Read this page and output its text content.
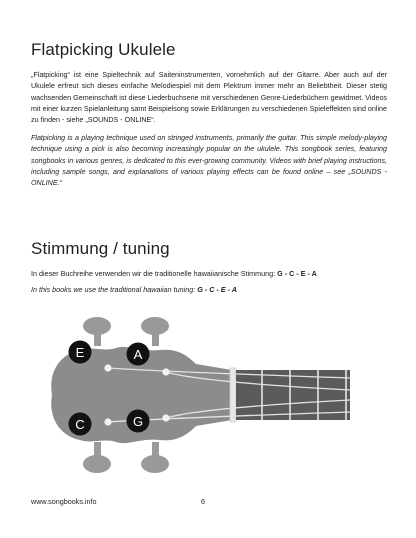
Flatpicking Ukulele

„Flatpicking“ ist eine Spieltechnik auf Saiteninstrumenten, vornehmlich auf der Gitarre. Aber auch auf der Ukulele erfreut sich dieses einfache Melodiespiel mit dem Plektrum immer mehr an Beliebtheit. Dieser stetig wachsenden Gemeinschaft ist diese Liederbuchserie mit verschiedenen Genre-Liederbüchern gewidmet. Videos mit einer kurzen Spielanleitung samt Beispielsong sowie Erklärungen zu verschiedenen Spieleffekten sind online zu finden - siehe „SOUNDS - ONLINE“.

Flatpicking is a playing technique used on stringed instruments, primarily the guitar. This simple melody-playing technique using a pick is also becoming increasingly popular on the ukulele. This songbook series, featuring songbooks in various genres, is dedicated to this ever-growing community. Videos with brief playing instructions, including sample songs, and explanations of various playing effects can be found online – see „SOUNDS - ONLINE.“

Stimmung / tuning

In dieser Buchreihe verwenden wir die traditionelle hawaiianische Stimmung: G - C - E - A

In this books we use the traditional hawaiian tuning: G - C - E - A

E	A
C	G
www.songbooks.info	6
